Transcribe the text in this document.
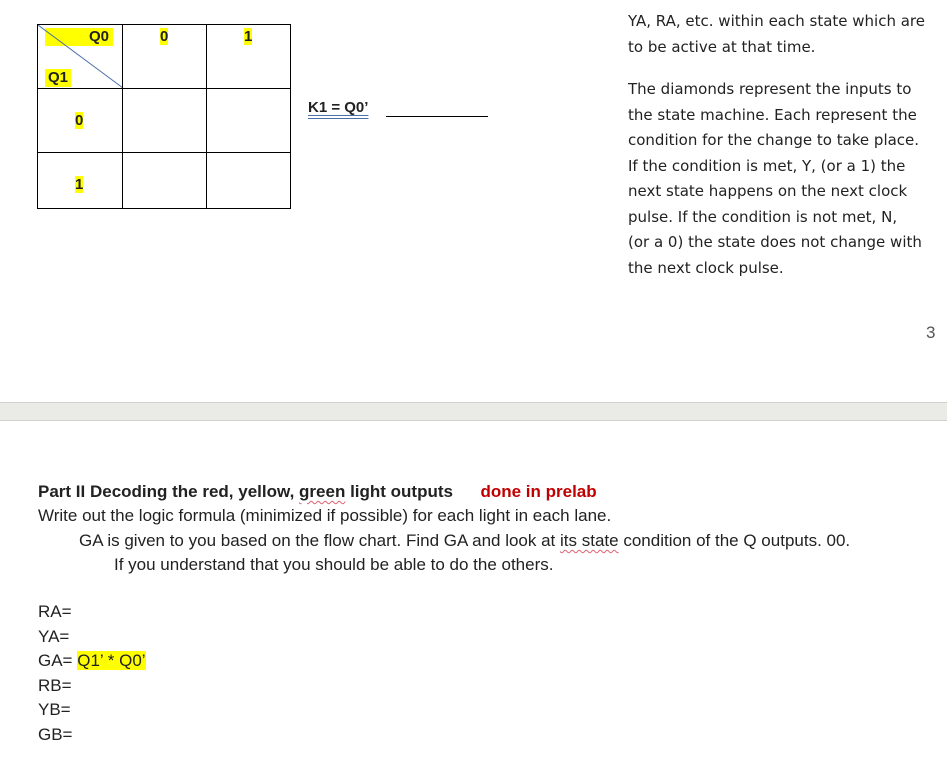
Q0
Q1
0	1
0
1
K1 = Q0’
YA, RA, etc. within each state which are
to be active at that time.
The diamonds represent the inputs to
the state machine. Each represent the
condition for the change to take place.
If the condition is met, Y, (or a 1) the
next state happens on the next clock
pulse. If the condition is not met, N,
(or a 0) the state does not change with
the next clock pulse.
3
Part II Decoding the red, yellow, green light outputs done in prelab
Write out the logic formula (minimized if possible) for each light in each lane.
GA is given to you based on the flow chart. Find GA and look at its state condition of the Q outputs. 00.
If you understand that you should be able to do the others.
RA=
YA=
GA= Q1’ * Q0’
RB=
YB=
GB=
